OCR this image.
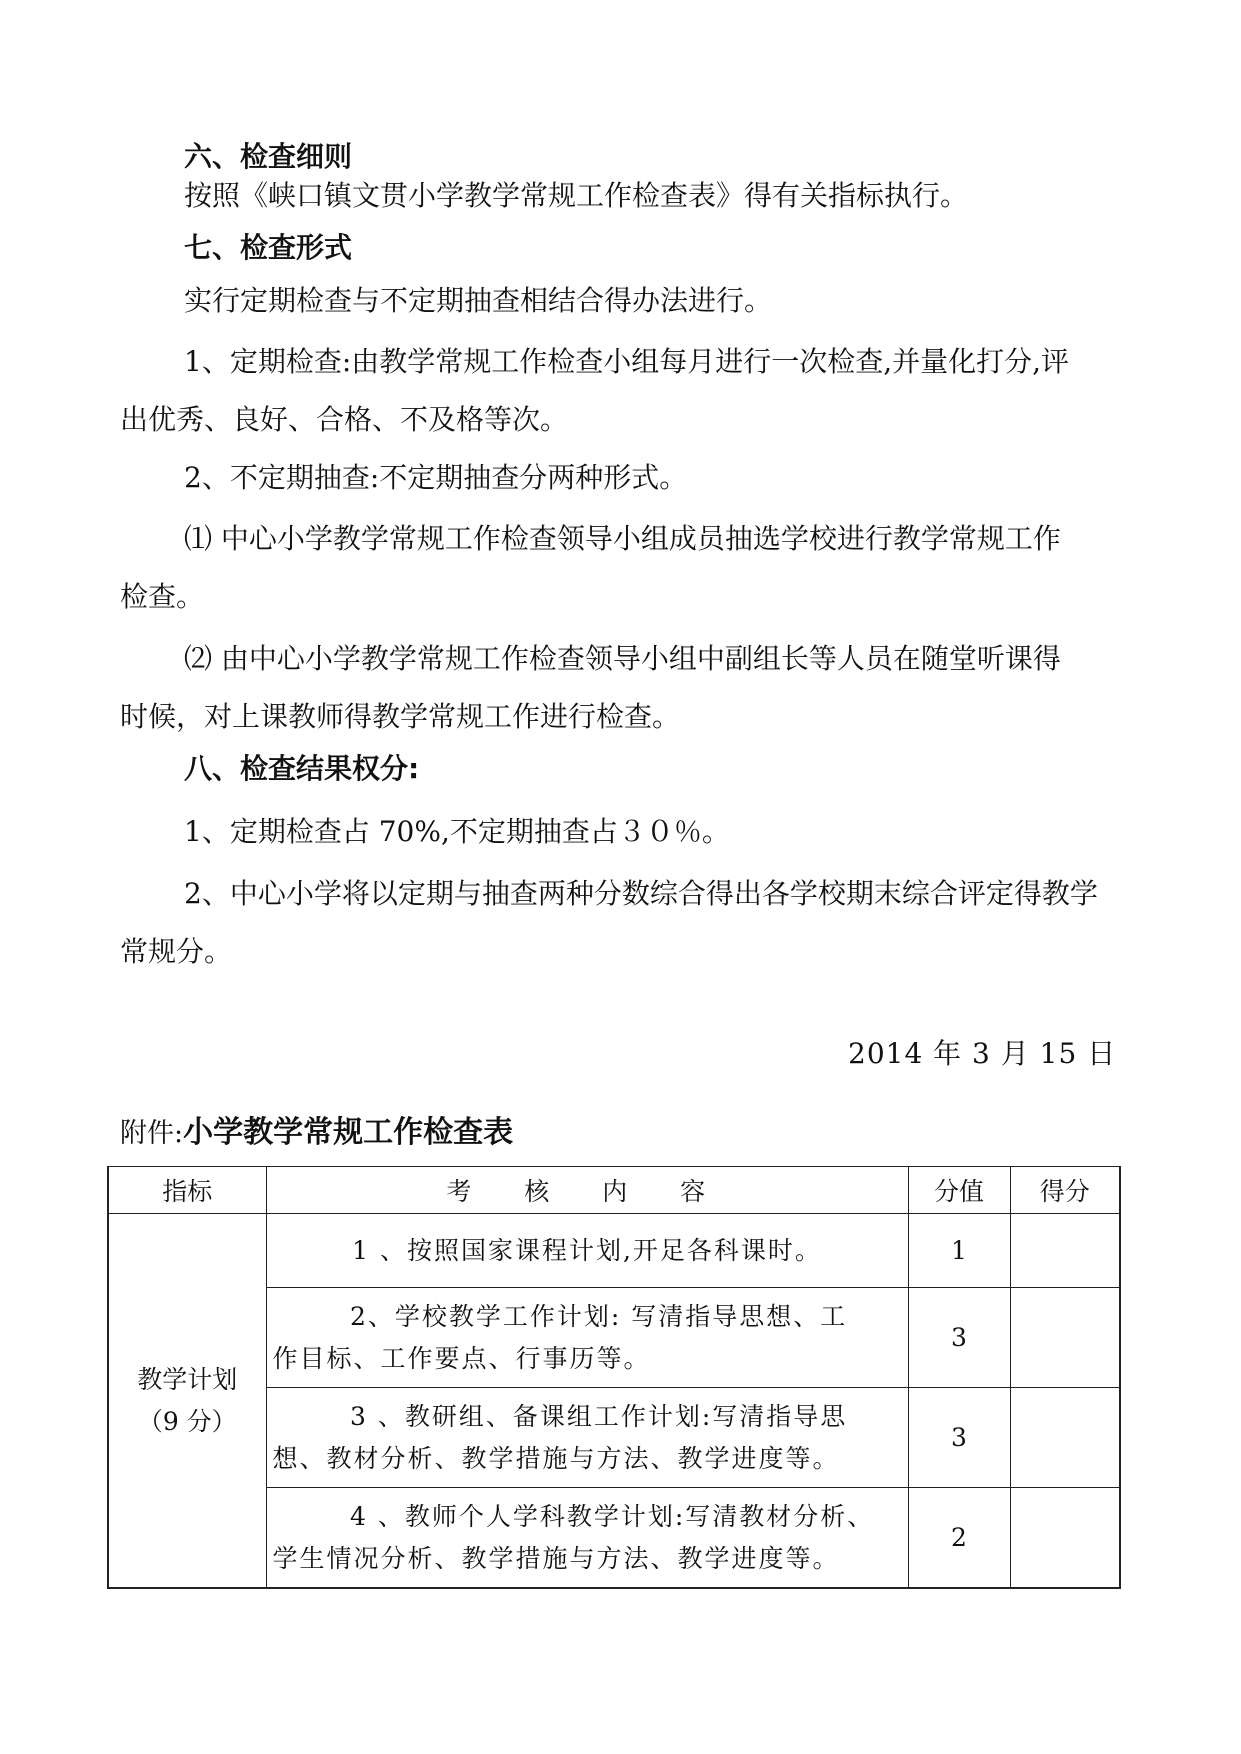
六、检查细则
按照《峡口镇文贯小学教学常规工作检查表》得有关指标执行。
七、检查形式
实行定期检查与不定期抽查相结合得办法进行。
1、定期检查:由教学常规工作检查小组每月进行一次检查,并量化打分,评
出优秀、良好、合格、不及格等次。
2、不定期抽查:不定期抽查分两种形式。
⑴ 中心小学教学常规工作检查领导小组成员抽选学校进行教学常规工作
检查。
⑵ 由中心小学教学常规工作检查领导小组中副组长等人员在随堂听课得
时候，对上课教师得教学常规工作进行检查。
八、检查结果权分:
1、定期检查占 70%,不定期抽查占３０％。
2、中心小学将以定期与抽查两种分数综合得出各学校期末综合评定得教学
常规分。
2014 年 3 月 15 日
附件:小学教学常规工作检查表
指标	考 核 内 容	分值	得分

教学计划
（9 分）	1 、按照国家课程计划,开足各科课时。	1	

	2、学校教学工作计划: 写清指导思想、工
作目标、工作要点、行事历等。	3	

	3 、教研组、备课组工作计划:写清指导思
想、教材分析、教学措施与方法、教学进度等。	3	

	4 、教师个人学科教学计划:写清教材分析、
学生情况分析、教学措施与方法、教学进度等。	2	
